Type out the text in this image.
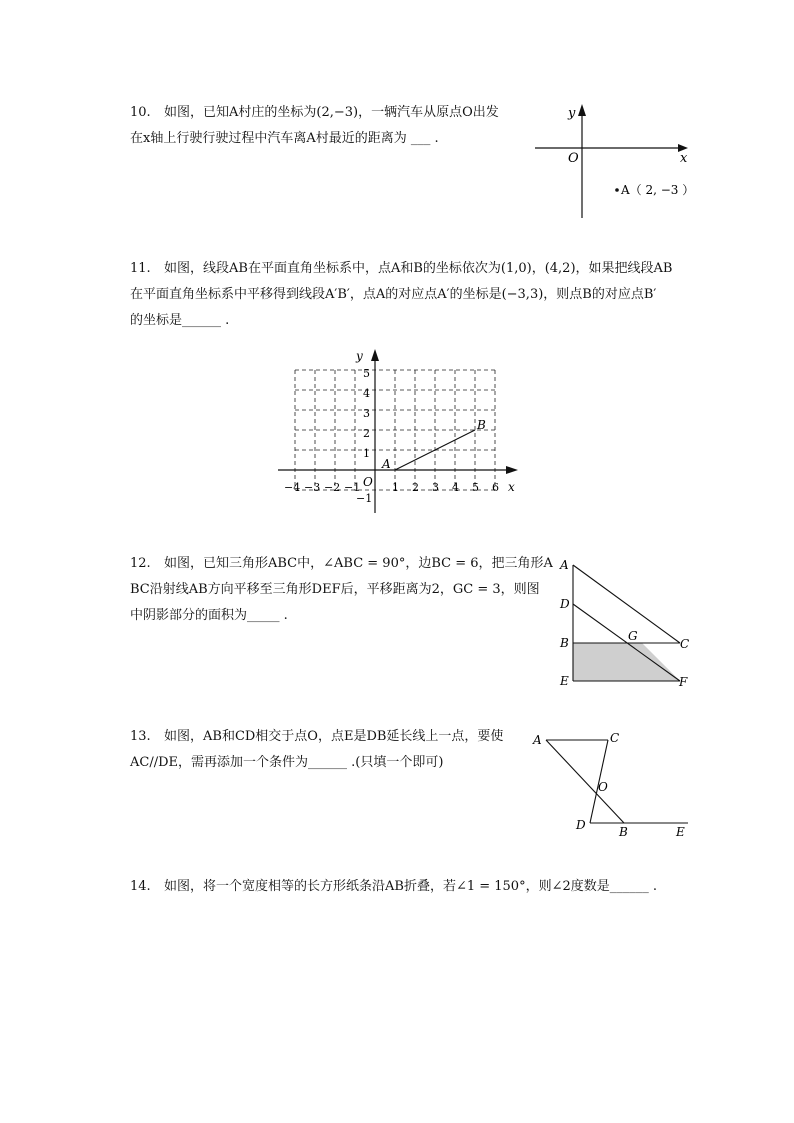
10. 如图，已知A村庄的坐标为(2,−3)，一辆汽车从原点O出发
在x轴上行驶行驶过程中汽车离A村最近的距离为 ___ .
y
x
O
A（ 2, −3 ）
11. 如图，线段AB在平面直角坐标系中，点A和B的坐标依次为(1,0)，(4,2)，如果把线段AB
在平面直角坐标系中平移得到线段A′B′，点A的对应点A′的坐标是(−3,3)，则点B的对应点B′
的坐标是______ .
y
x
O
−4 −3 −2 −1	1 2 3 4 5 6
1
2
3
4
5
−1
A
B
12. 如图，已知三角形ABC中，∠ABC = 90°，边BC = 6，把三角形A
BC沿射线AB方向平移至三角形DEF后，平移距离为2，GC = 3，则图
中阴影部分的面积为_____ .
A
D
B
E
G
C
F
13. 如图，AB和CD相交于点O，点E是DB延长线上一点，要使
AC//DE，需再添加一个条件为______ .(只填一个即可)
A	C
O
D	B	E
14. 如图，将一个宽度相等的长方形纸条沿AB折叠，若∠1 = 150°，则∠2度数是______ .
